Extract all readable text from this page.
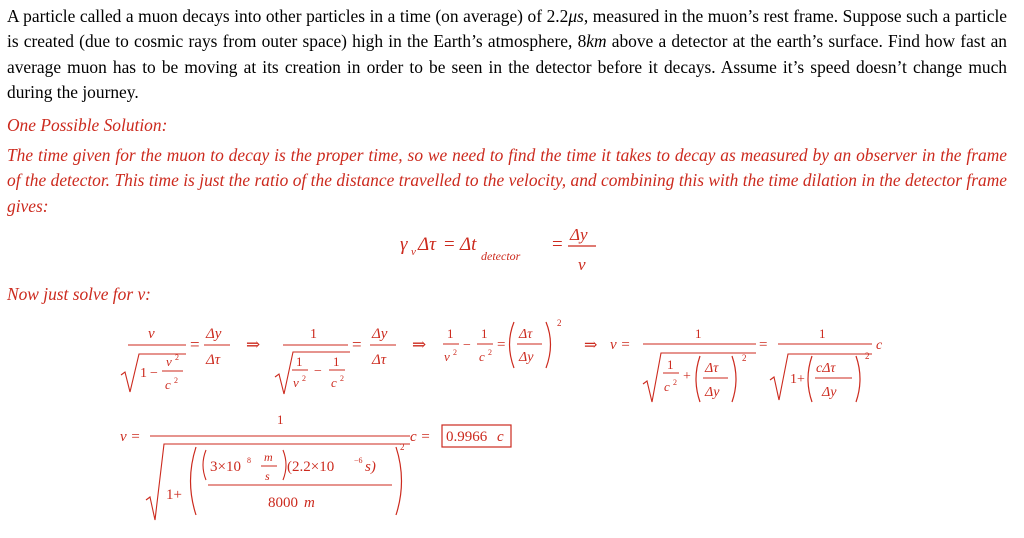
A particle called a muon decays into other particles in a time (on average) of 2.2μs, measured in the muon’s rest frame. Suppose such a particle is created (due to cosmic rays from outer space) high in the Earth’s atmosphere, 8km above a detector at the earth’s surface. Find how fast an average muon has to be moving at its creation in order to be seen in the detector before it decays. Assume it’s speed doesn’t change much during the journey.
One Possible Solution:
The time given for the muon to decay is the proper time, so we need to find the time it takes to decay as measured by an observer in the frame of the detector. This time is just the ratio of the distance travelled to the velocity, and combining this with the time dilation in the detector frame gives:
Now just solve for v:
γ v Δτ = Δt
detector
= Δy
v
v
1 −
v 2
c 2
=
Δy
Δτ
⇒
1
1
v 2 −
1
c 2
=
Δy
Δτ
⇒
1
v 2 −
1
c 2 =
Δτ
Δy
2
⇒ v =
1
1
c 2 +
Δτ
Δy
2
=
1
1+
cΔτ
Δy
2
c
v =
1
1+
3×10 8 m
s
(2.2×10 −6 s)
8000 m
2
c = 0.9966 c
